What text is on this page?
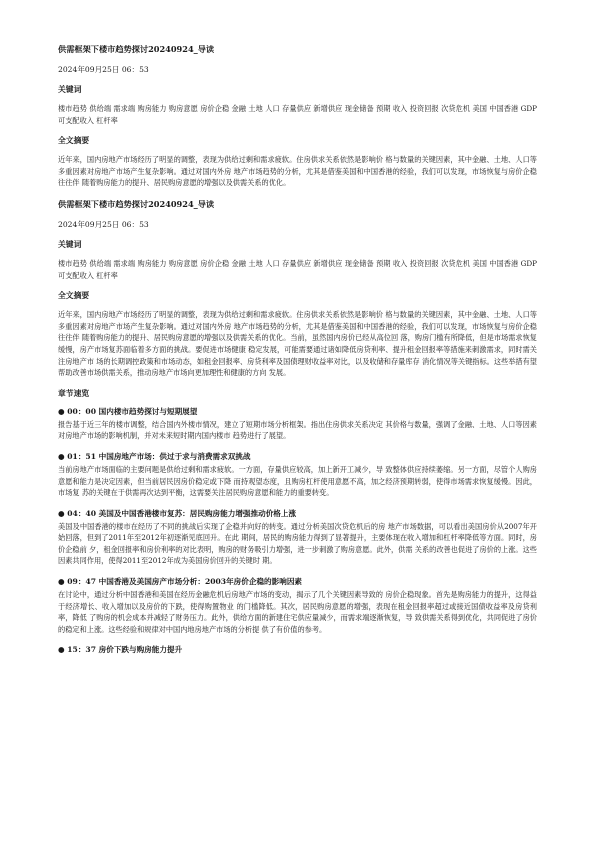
供需框架下楼市趋势探讨20240924_导读
2024年09月25日 06：53
关键词
楼市趋势 供给端 需求端 购房能力 购房意愿 房价企稳 金融 土地 人口 存量供应 新增供应 现金储备 预期 收入 投资回报 次贷危机 美国 中国香港 GDP 可支配收入 杠杆率
全文摘要
近年来，国内房地产市场经历了明显的调整，表现为供给过剩和需求疲软。住房供求关系依然是影响价 格与数量的关键因素，其中金融、土地、人口等多重因素对房地产市场产生复杂影响。通过对国内外房 地产市场趋势的分析，尤其是借鉴美国和中国香港的经验，我们可以发现，市场恢复与房价企稳往往伴 随着购房能力的提升、居民购房意愿的增强以及供需关系的优化。
供需框架下楼市趋势探讨20240924_导读
2024年09月25日 06：53
关键词
楼市趋势 供给端 需求端 购房能力 购房意愿 房价企稳 金融 土地 人口 存量供应 新增供应 现金储备 预期 收入 投资回报 次贷危机 美国 中国香港 GDP 可支配收入 杠杆率
全文摘要
近年来，国内房地产市场经历了明显的调整，表现为供给过剩和需求疲软。住房供求关系依然是影响价 格与数量的关键因素，其中金融、土地、人口等多重因素对房地产市场产生复杂影响。通过对国内外房 地产市场趋势的分析，尤其是借鉴美国和中国香港的经验，我们可以发现，市场恢复与房价企稳往往伴 随着购房能力的提升、居民购房意愿的增强以及供需关系的优化。当前，虽然国内房价已经从高位回 落，购房门槛有所降低，但是市场需求恢复缓慢，房产市场复苏面临着多方面的挑战。要促进市场健康 稳定发展，可能需要通过诸如降低房贷利率、提升租金回报率等措施来刺激需求，同时需关注房地产市 场的长期调控政策和市场动态，如租金回报率、房贷利率及国债理财收益率对比，以及收储和存量库存 消化情况等关键指标。这些举措有望帮助改善市场供需关系，推动房地产市场向更加理性和健康的方向 发展。
章节速览
● 00：00 国内楼市趋势探讨与短期展望
报告基于近三年的楼市调整，结合国内外楼市情况，建立了短期市场分析框架。指出住房供求关系决定 其价格与数量，强调了金融、土地、人口等因素对房地产市场的影响机制，并对未来短时期内国内楼市 趋势进行了展望。
● 01：51 中国房地产市场：供过于求与消费需求双挑战
当前房地产市场面临的主要问题是供给过剩和需求疲软。一方面，存量供应较高，加上新开工减少，导 致整体供应持续萎缩。另一方面，尽管个人购房意愿和能力是决定因素，但当前居民因房价稳定或下降 而持观望态度，且购房杠杆使用意愿不高，加之经济预期转弱，使得市场需求恢复缓慢。因此，市场复 苏的关键在于供需再次达到平衡，这需要关注居民购房意愿和能力的重要转变。
● 04：40 美国及中国香港楼市复苏：居民购房能力增强推动价格上涨
美国及中国香港的楼市在经历了不同的挑战后实现了企稳并向好的转变。通过分析美国次贷危机后的房 地产市场数据，可以看出美国房价从2007年开始回落，但到了2011年至2012年初逐渐见底回升。在此 期间，居民的购房能力得到了显著提升，主要体现在收入增加和杠杆率降低等方面。同时，房价企稳前 夕，租金回报率和房价利率的对比表明，购房的财务吸引力增强，进一步刺激了购房意愿。此外，供需 关系的改善也促进了房价的上涨。这些因素共同作用，使得2011至2012年成为美国房价回升的关键时 期。
● 09：47 中国香港及美国房产市场分析：2003年房价企稳的影响因素
在讨论中，通过分析中国香港和美国在经历金融危机后房地产市场的变动，揭示了几个关键因素导致的 房价企稳现象。首先是购房能力的提升，这得益于经济增长、收入增加以及房价的下跌，使得购置物业 的门槛降低。其次，居民购房意愿的增强，表现在租金回报率超过或接近国债收益率及房贷利率，降低 了购房的机会成本并减轻了财务压力。此外，供给方面的新建住宅供应量减少，而需求端逐渐恢复，导 致供需关系得到优化，共同促进了房价的稳定和上涨。这些经验和规律对中国内地房地产市场的分析提 供了有价值的参考。
● 15：37 房价下跌与购房能力提升
